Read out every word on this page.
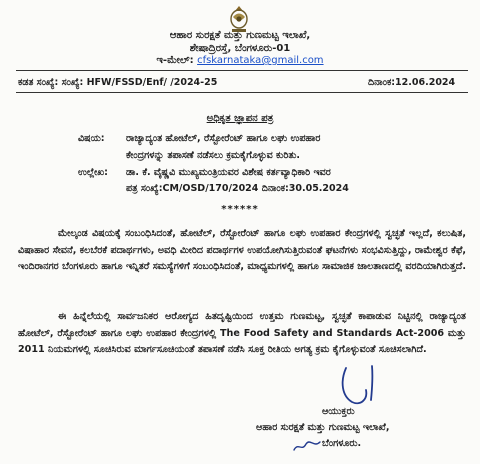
ಆಹಾರ ಸುರಕ್ಷತೆ ಮತ್ತು ಗುಣಮಟ್ಟ ಇಲಾಖೆ,
ಶೇಷಾದ್ರಿರಸ್ತೆ, ಬೆಂಗಳೂರು-01
ಇ-ಮೇಲ್: cfskarnataka@gmail.com
ಕಡತ ಸಂಖ್ಯೆ: ಸಂಖ್ಯೆ: HFW/FSSD/Enf/ /2024-25	ದಿನಾಂಕ:12.06.2024
ಅಧಿಕೃತ ಜ್ಞಾಪನ ಪತ್ರ
ವಿಷಯ: ರಾಜ್ಯಾದ್ಯಂತ ಹೋಟೆಲ್, ರೆಸ್ಟೋರೆಂಟ್ ಹಾಗೂ ಲಘು ಉಪಹಾರ
ಕೇಂದ್ರಗಳನ್ನು ತಪಾಸಣೆ ನಡೆಸಲು ಕ್ರಮಕೈಗೊಳ್ಳುವ ಕುರಿತು.
ಉಲ್ಲೇಖ: ಡಾ. ಕೆ. ವೈಷ್ಣವಿ ಮುಖ್ಯಮಂತ್ರಿಯವರ ವಿಶೇಷ ಕರ್ತವ್ಯಾಧಿಕಾರಿ ಇವರ
ಪತ್ರ ಸಂಖ್ಯೆ:CM/OSD/170/2024 ದಿನಾಂಕ:30.05.2024
******

ಮೇಲ್ಕಂಡ ವಿಷಯಕ್ಕೆ ಸಂಬಂಧಿಸಿದಂತೆ, ಹೋಟೆಲ್, ರೆಸ್ಟೋರೆಂಟ್ ಹಾಗೂ ಲಘು ಉಪಹಾರ ಕೇಂದ್ರಗಳಲ್ಲಿ ಸ್ವಚ್ಛತೆ ಇಲ್ಲದೆ, ಕಲುಷಿತ, ವಿಷಾಹಾರ ಸೇವನೆ, ಕಲಬೆರಕೆ ಪದಾರ್ಥಗಳು, ಅವಧಿ ಮೀರಿದ ಪದಾರ್ಥಗಳ ಉಪಯೋಗಿಸುತ್ತಿರುವಂತೆ ಘಟನೆಗಳು ಸಂಭವಿಸುತ್ತಿದ್ದು, ರಾಮೇಶ್ವರ ಕೆಫೆ, ಇಂದಿರಾನಗರ ಬೆಂಗಳೂರು ಹಾಗೂ ಇನ್ನಿತರೆ ಸಮಸ್ಯೆಗಳಿಗೆ ಸಂಬಂಧಿಸಿದಂತೆ, ಮಾಧ್ಯಮಗಳಲ್ಲಿ ಹಾಗೂ ಸಾಮಾಜಿಕ ಜಾಲತಾಣದಲ್ಲಿ ವರದಿಯಾಗಿರುತ್ತದೆ.

ಈ ಹಿನ್ನೆಲೆಯಲ್ಲಿ ಸಾರ್ವಜನಿಕರ ಆರೋಗ್ಯದ ಹಿತದೃಷ್ಟಿಯಿಂದ ಉತ್ತಮ ಗುಣಮಟ್ಟ, ಸ್ವಚ್ಛತೆ ಕಾಪಾಡುವ ನಿಟ್ಟಿನಲ್ಲಿ ರಾಜ್ಯಾದ್ಯಂತ ಹೋಟೆಲ್, ರೆಸ್ಟೋರೆಂಟ್ ಹಾಗೂ ಲಘು ಉಪಹಾರ ಕೇಂದ್ರಗಳಲ್ಲಿ The Food Safety and Standards Act-2006 ಮತ್ತು 2011 ನಿಯಮಗಳಲ್ಲಿ ಸೂಚಿಸಿರುವ ಮಾರ್ಗಸೂಚಿಯಂತೆ ತಪಾಸಣೆ ನಡೆಸಿ ಸೂಕ್ತ ರೀತಿಯ ಅಗತ್ಯ ಕ್ರಮ ಕೈಗೊಳ್ಳುವಂತೆ ಸೂಚಿಸಲಾಗಿದೆ.

ಆಯುಕ್ತರು
ಆಹಾರ ಸುರಕ್ಷತೆ ಮತ್ತು ಗುಣಮಟ್ಟ ಇಲಾಖೆ,
ಬೆಂಗಳೂರು.
